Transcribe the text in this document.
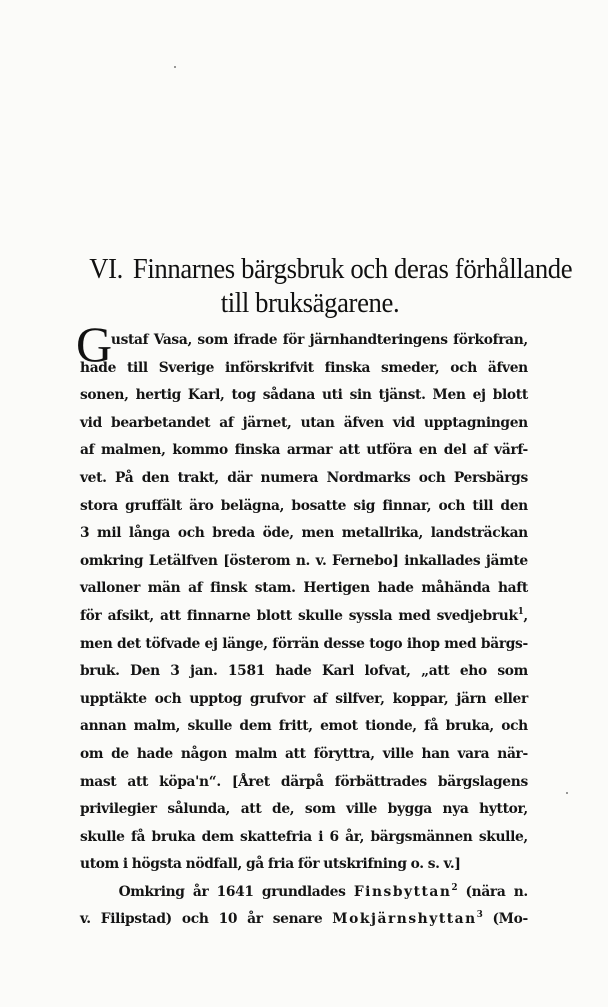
VI. Finnarnes bärgsbruk och deras förhållande
till bruksägarene.
G
ustaf Vasa, som ifrade för järnhandteringens förkofran,
hade till Sverige införskrifvit finska smeder, och äfven
sonen, hertig Karl, tog sådana uti sin tjänst. Men ej blott
vid bearbetandet af järnet, utan äfven vid upptagningen
af malmen, kommo finska armar att utföra en del af värf-
vet. På den trakt, där numera Nordmarks och Persbärgs
stora gruffält äro belägna, bosatte sig finnar, och till den
3 mil långa och breda öde, men metallrika, landsträckan
omkring Letälfven [österom n. v. Fernebo] inkallades jämte
valloner män af finsk stam. Hertigen hade måhända haft
för afsikt, att finnarne blott skulle syssla med svedjebruk$^1$,
men det töfvade ej länge, förrän desse togo ihop med bärgs-
bruk. Den 3 jan. 1581 hade Karl lofvat, „att eho som
upptäkte och upptog grufvor af silfver, koppar, järn eller
annan malm, skulle dem fritt, emot tionde, få bruka, och
om de hade någon malm att föryttra, ville han vara när-
mast att köpa'n“. [Året därpå förbättrades bärgslagens
privilegier sålunda, att de, som ville bygga nya hyttor,
skulle få bruka dem skattefria i 6 år, bärgsmännen skulle,
utom i högsta nödfall, gå fria för utskrifning o. s. v.]
Omkring år 1641 grundlades Finsbyttan$^2$ (nära n.
v. Filipstad) och 10 år senare Mokjärnshyttan$^3$ (Mo-
